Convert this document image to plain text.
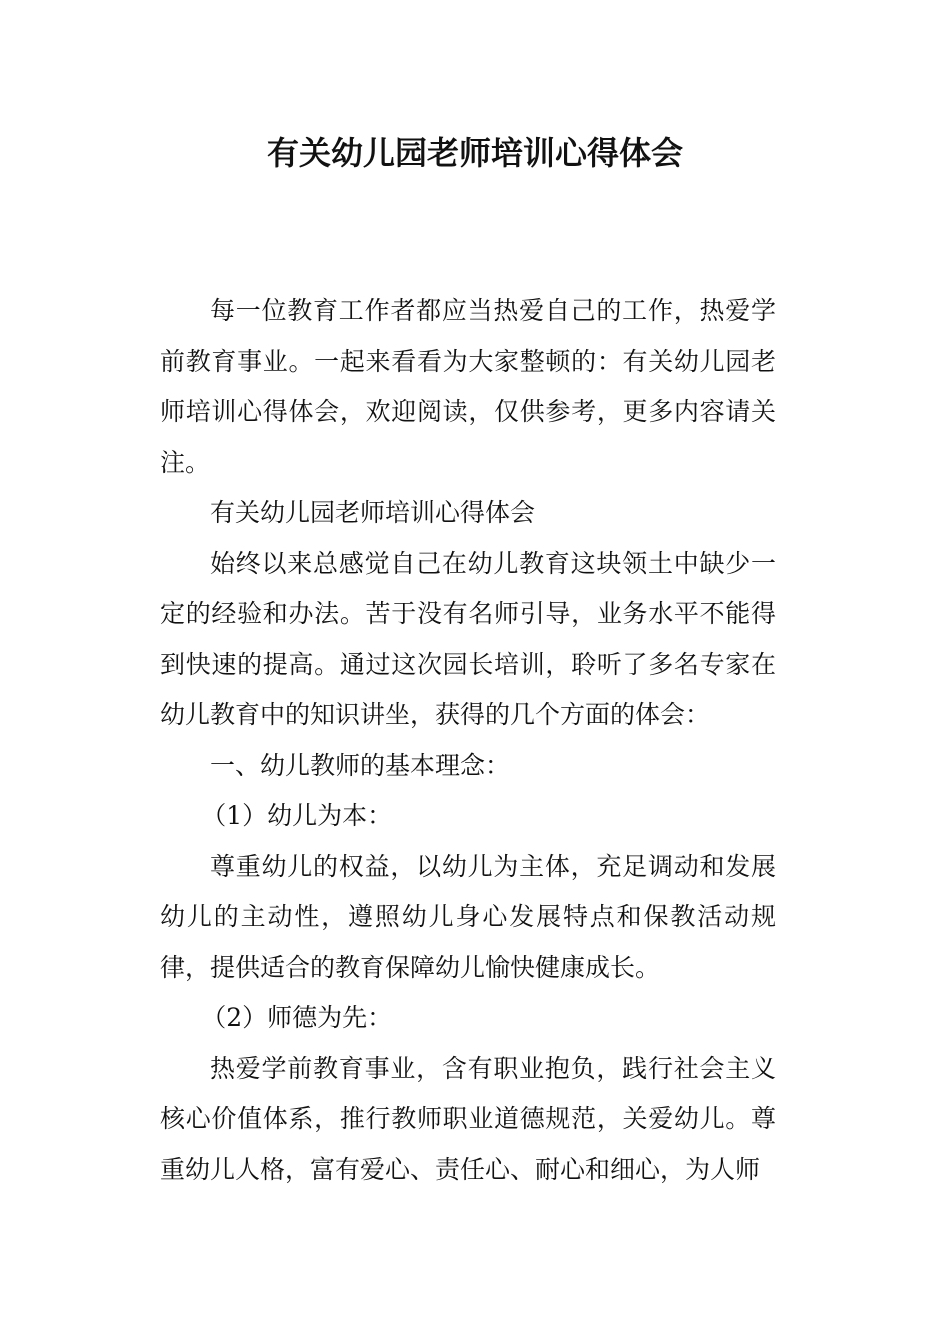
有关幼儿园老师培训心得体会

每一位教育工作者都应当热爱自己的工作，热爱学前教育事业。一起来看看为大家整顿的：有关幼儿园老师培训心得体会，欢迎阅读，仅供参考，更多内容请关注。

有关幼儿园老师培训心得体会

始终以来总感觉自己在幼儿教育这块领土中缺少一定的经验和办法。苦于没有名师引导，业务水平不能得到快速的提高。通过这次园长培训，聆听了多名专家在幼儿教育中的知识讲坐，获得的几个方面的体会：

一、幼儿教师的基本理念：

（1）幼儿为本：

尊重幼儿的权益，以幼儿为主体，充足调动和发展幼儿的主动性，遵照幼儿身心发展特点和保教活动规律，提供适合的教育保障幼儿愉快健康成长。

（2）师德为先：

热爱学前教育事业，含有职业抱负，践行社会主义核心价值体系，推行教师职业道德规范，关爱幼儿。尊重幼儿人格，富有爱心、责任心、耐心和细心，为人师
